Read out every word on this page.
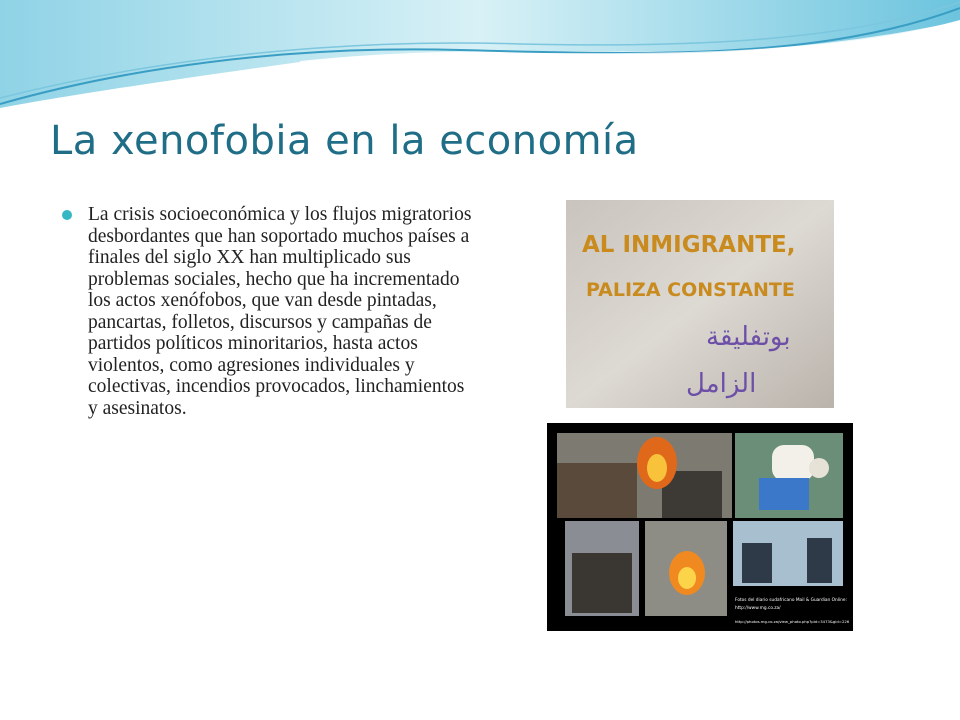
La xenofobia en la economía

La crisis socioeconómica y los flujos migratorios desbordantes que han soportado muchos países a finales del siglo XX han multiplicado sus problemas sociales, hecho que ha incrementado los actos xenófobos, que van desde pintadas, pancartas, folletos, discursos y campañas de partidos políticos minoritarios, hasta actos violentos, como agresiones individuales y colectivas, incendios provocados, linchamientos y asesinatos.

AL INMIGRANTE,
PALIZA CONSTANTE
بوتفليقة
الزامل
Fotos del diario sudafricano Mail & Guardian Online:
http://www.mg.co.za/
http://photos.mg.co.za/view_photo.php?pid=3473&gid=226
